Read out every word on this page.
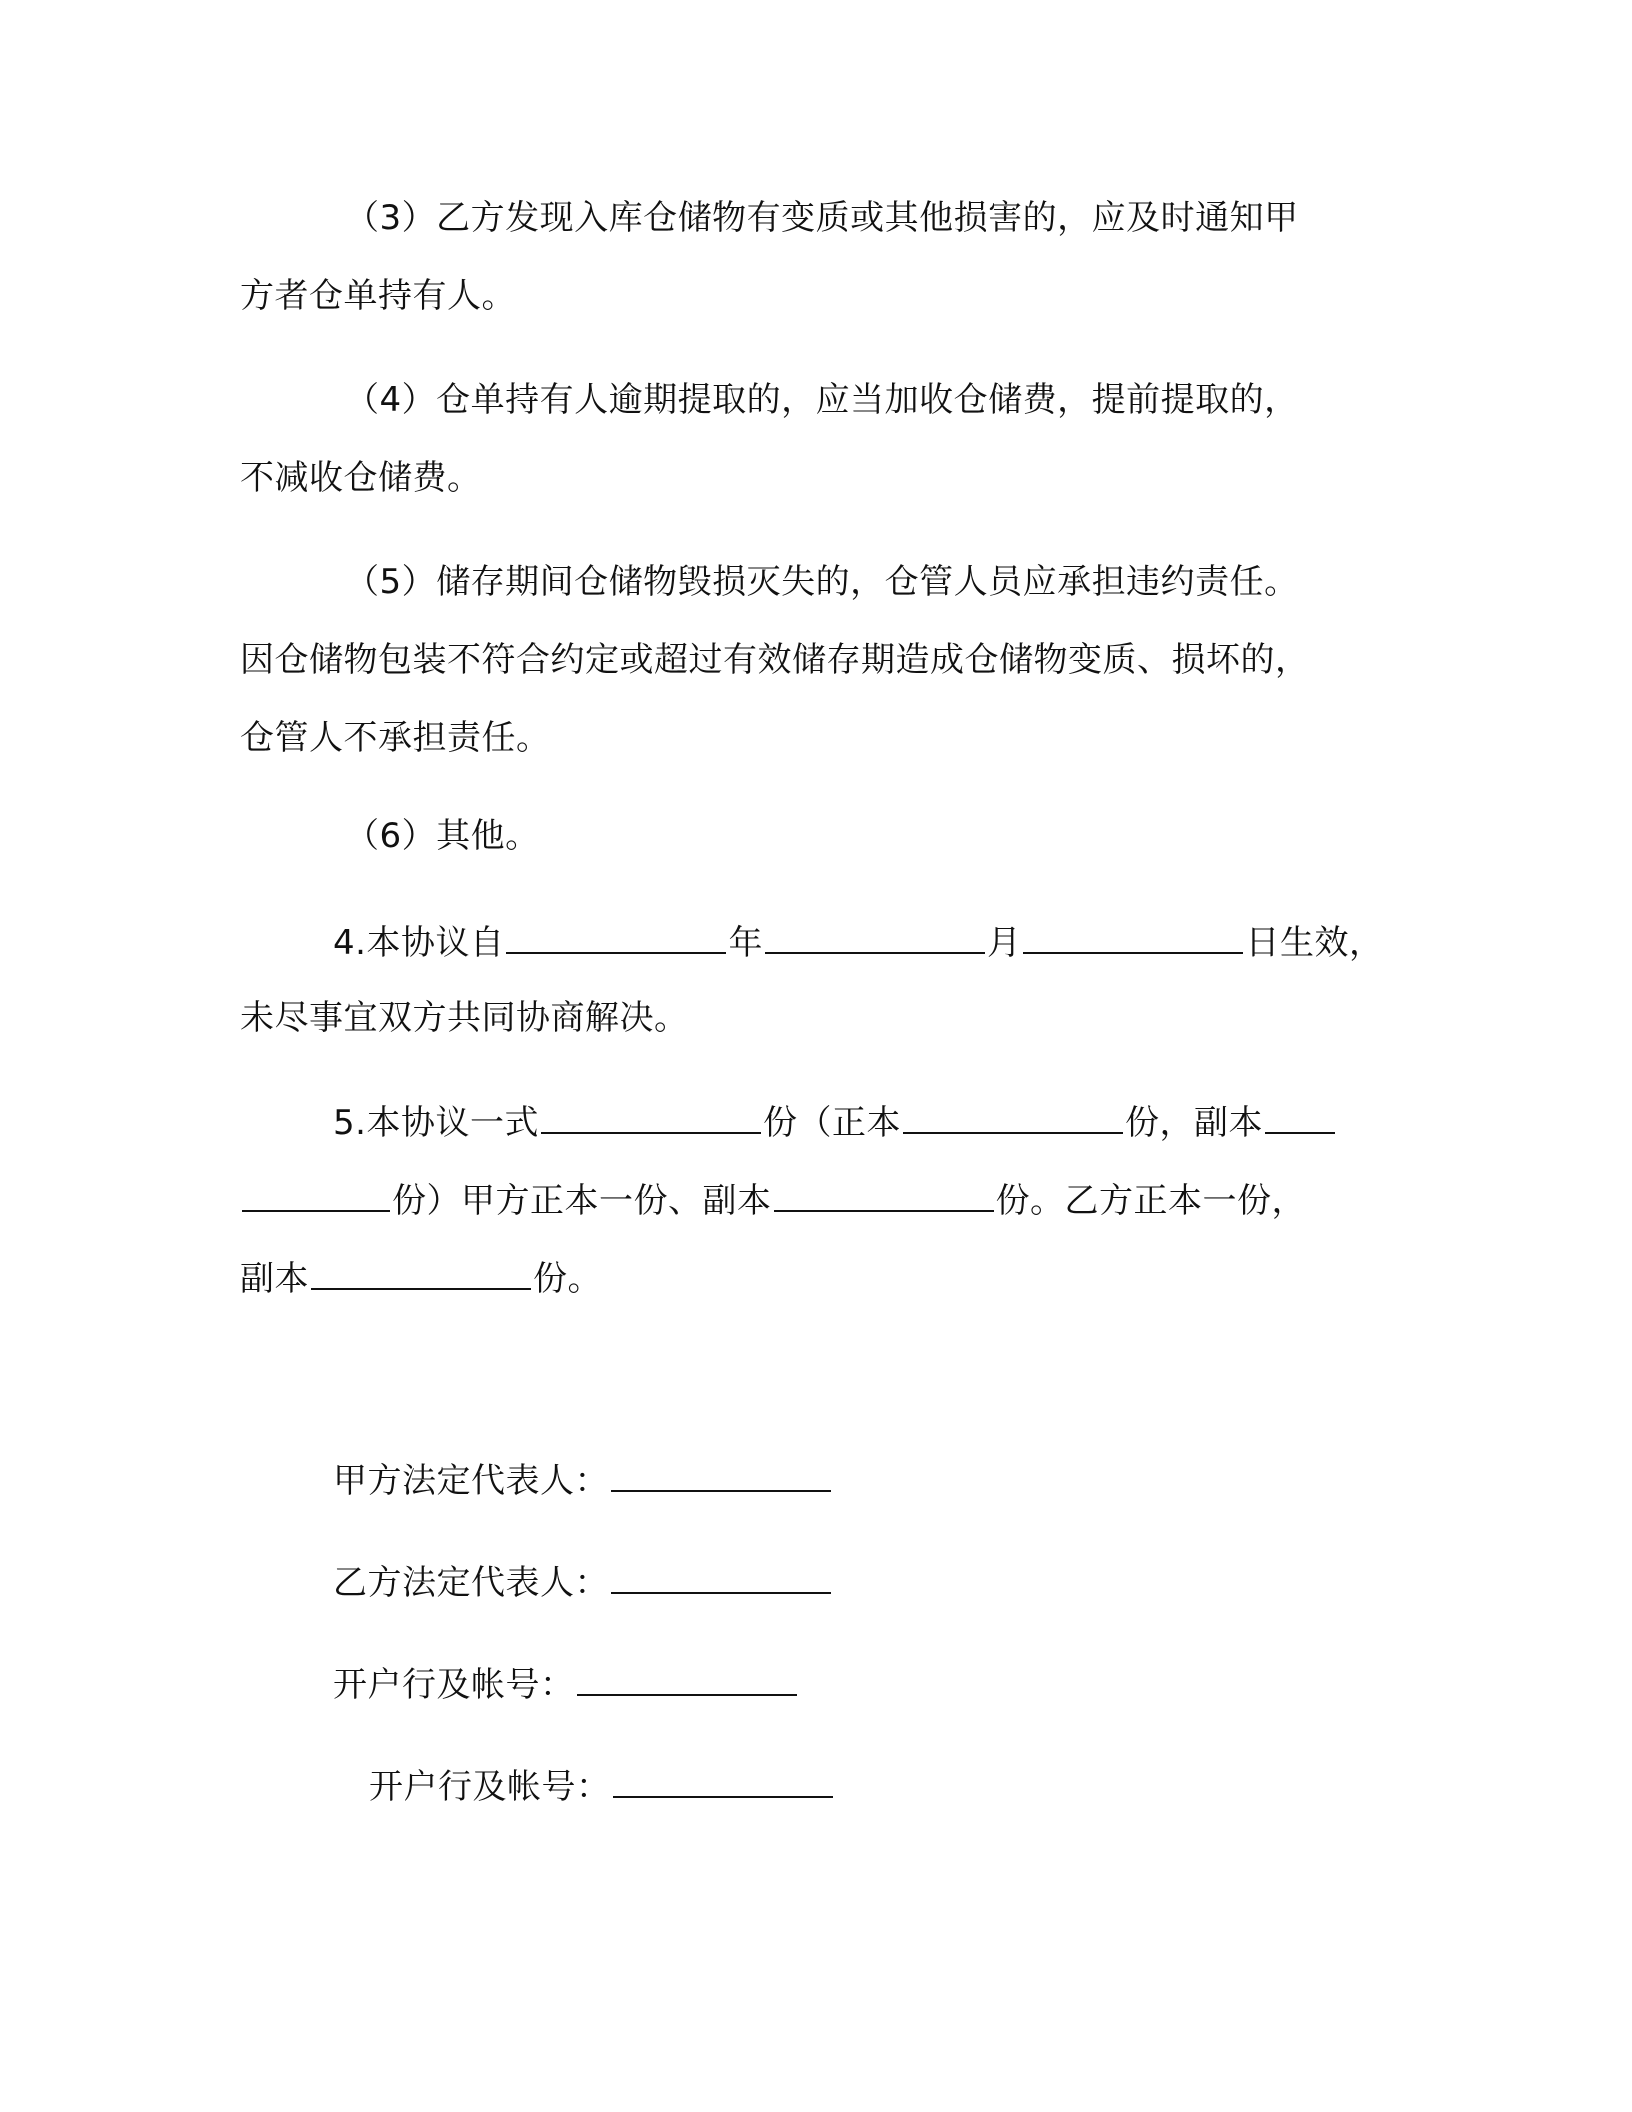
（3）乙方发现入库仓储物有变质或其他损害的，应及时通知甲
方者仓单持有人。
（4）仓单持有人逾期提取的，应当加收仓储费，提前提取的，
不减收仓储费。
（5）储存期间仓储物毁损灭失的，仓管人员应承担违约责任。
因仓储物包装不符合约定或超过有效储存期造成仓储物变质、损坏的，
仓管人不承担责任。
（6）其他。
4.本协议自	年	月	日生效，
未尽事宜双方共同协商解决。
5.本协议一式	份（正本	份，副本
份）甲方正本一份、副本	份。乙方正本一份，
副本	份。
甲方法定代表人：
乙方法定代表人：
开户行及帐号：
开户行及帐号：
